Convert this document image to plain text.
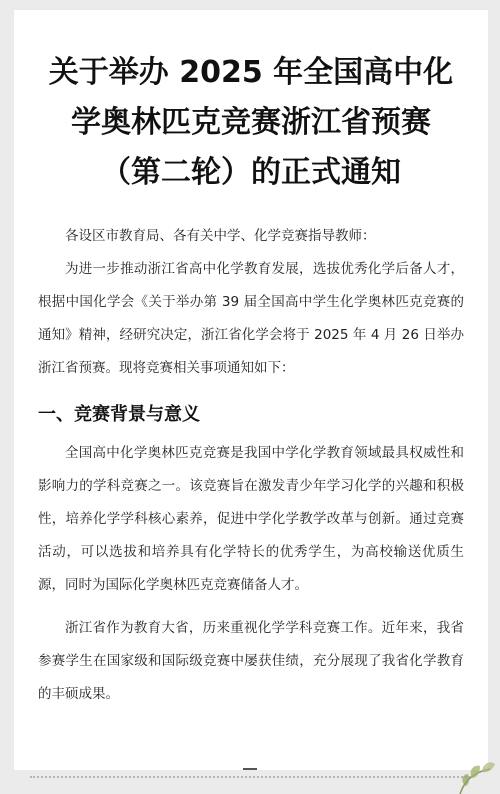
关于举办 2025 年全国高中化
学奥林匹克竞赛浙江省预赛
（第二轮）的正式通知

各设区市教育局、各有关中学、化学竞赛指导教师：

为进一步推动浙江省高中化学教育发展，选拔优秀化学后备人才，根据中国化学会《关于举办第 39 届全国高中学生化学奥林匹克竞赛的通知》精神，经研究决定，浙江省化学会将于 2025 年 4 月 26 日举办浙江省预赛。现将竞赛相关事项通知如下：

一、竞赛背景与意义

全国高中化学奥林匹克竞赛是我国中学化学教育领域最具权威性和影响力的学科竞赛之一。该竞赛旨在激发青少年学习化学的兴趣和积极性，培养化学学科核心素养，促进中学化学教学改革与创新。通过竞赛活动，可以选拔和培养具有化学特长的优秀学生，为高校输送优质生源，同时为国际化学奥林匹克竞赛储备人才。

浙江省作为教育大省，历来重视化学学科竞赛工作。近年来，我省参赛学生在国家级和国际级竞赛中屡获佳绩，充分展现了我省化学教育的丰硕成果。
